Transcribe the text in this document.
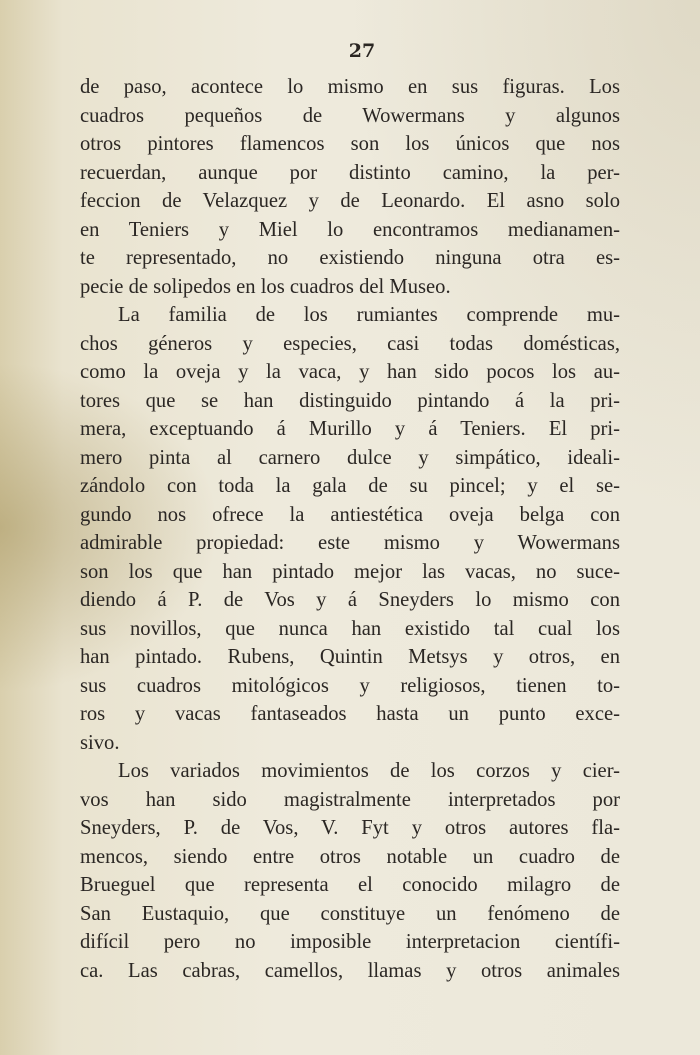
27
de paso, acontece lo mismo en sus figuras. Los
cuadros pequeños de Wowermans y algunos
otros pintores flamencos son los únicos que nos
recuerdan, aunque por distinto camino, la per-
feccion de Velazquez y de Leonardo. El asno solo
en Teniers y Miel lo encontramos medianamen-
te representado, no existiendo ninguna otra es-
pecie de solipedos en los cuadros del Museo.
La familia de los rumiantes comprende mu-
chos géneros y especies, casi todas domésticas,
como la oveja y la vaca, y han sido pocos los au-
tores que se han distinguido pintando á la pri-
mera, exceptuando á Murillo y á Teniers. El pri-
mero pinta al carnero dulce y simpático, ideali-
zándolo con toda la gala de su pincel; y el se-
gundo nos ofrece la antiestética oveja belga con
admirable propiedad: este mismo y Wowermans
son los que han pintado mejor las vacas, no suce-
diendo á P. de Vos y á Sneyders lo mismo con
sus novillos, que nunca han existido tal cual los
han pintado. Rubens, Quintin Metsys y otros, en
sus cuadros mitológicos y religiosos, tienen to-
ros y vacas fantaseados hasta un punto exce-
sivo.
Los variados movimientos de los corzos y cier-
vos han sido magistralmente interpretados por
Sneyders, P. de Vos, V. Fyt y otros autores fla-
mencos, siendo entre otros notable un cuadro de
Brueguel que representa el conocido milagro de
San Eustaquio, que constituye un fenómeno de
difícil pero no imposible interpretacion científi-
ca. Las cabras, camellos, llamas y otros animales
